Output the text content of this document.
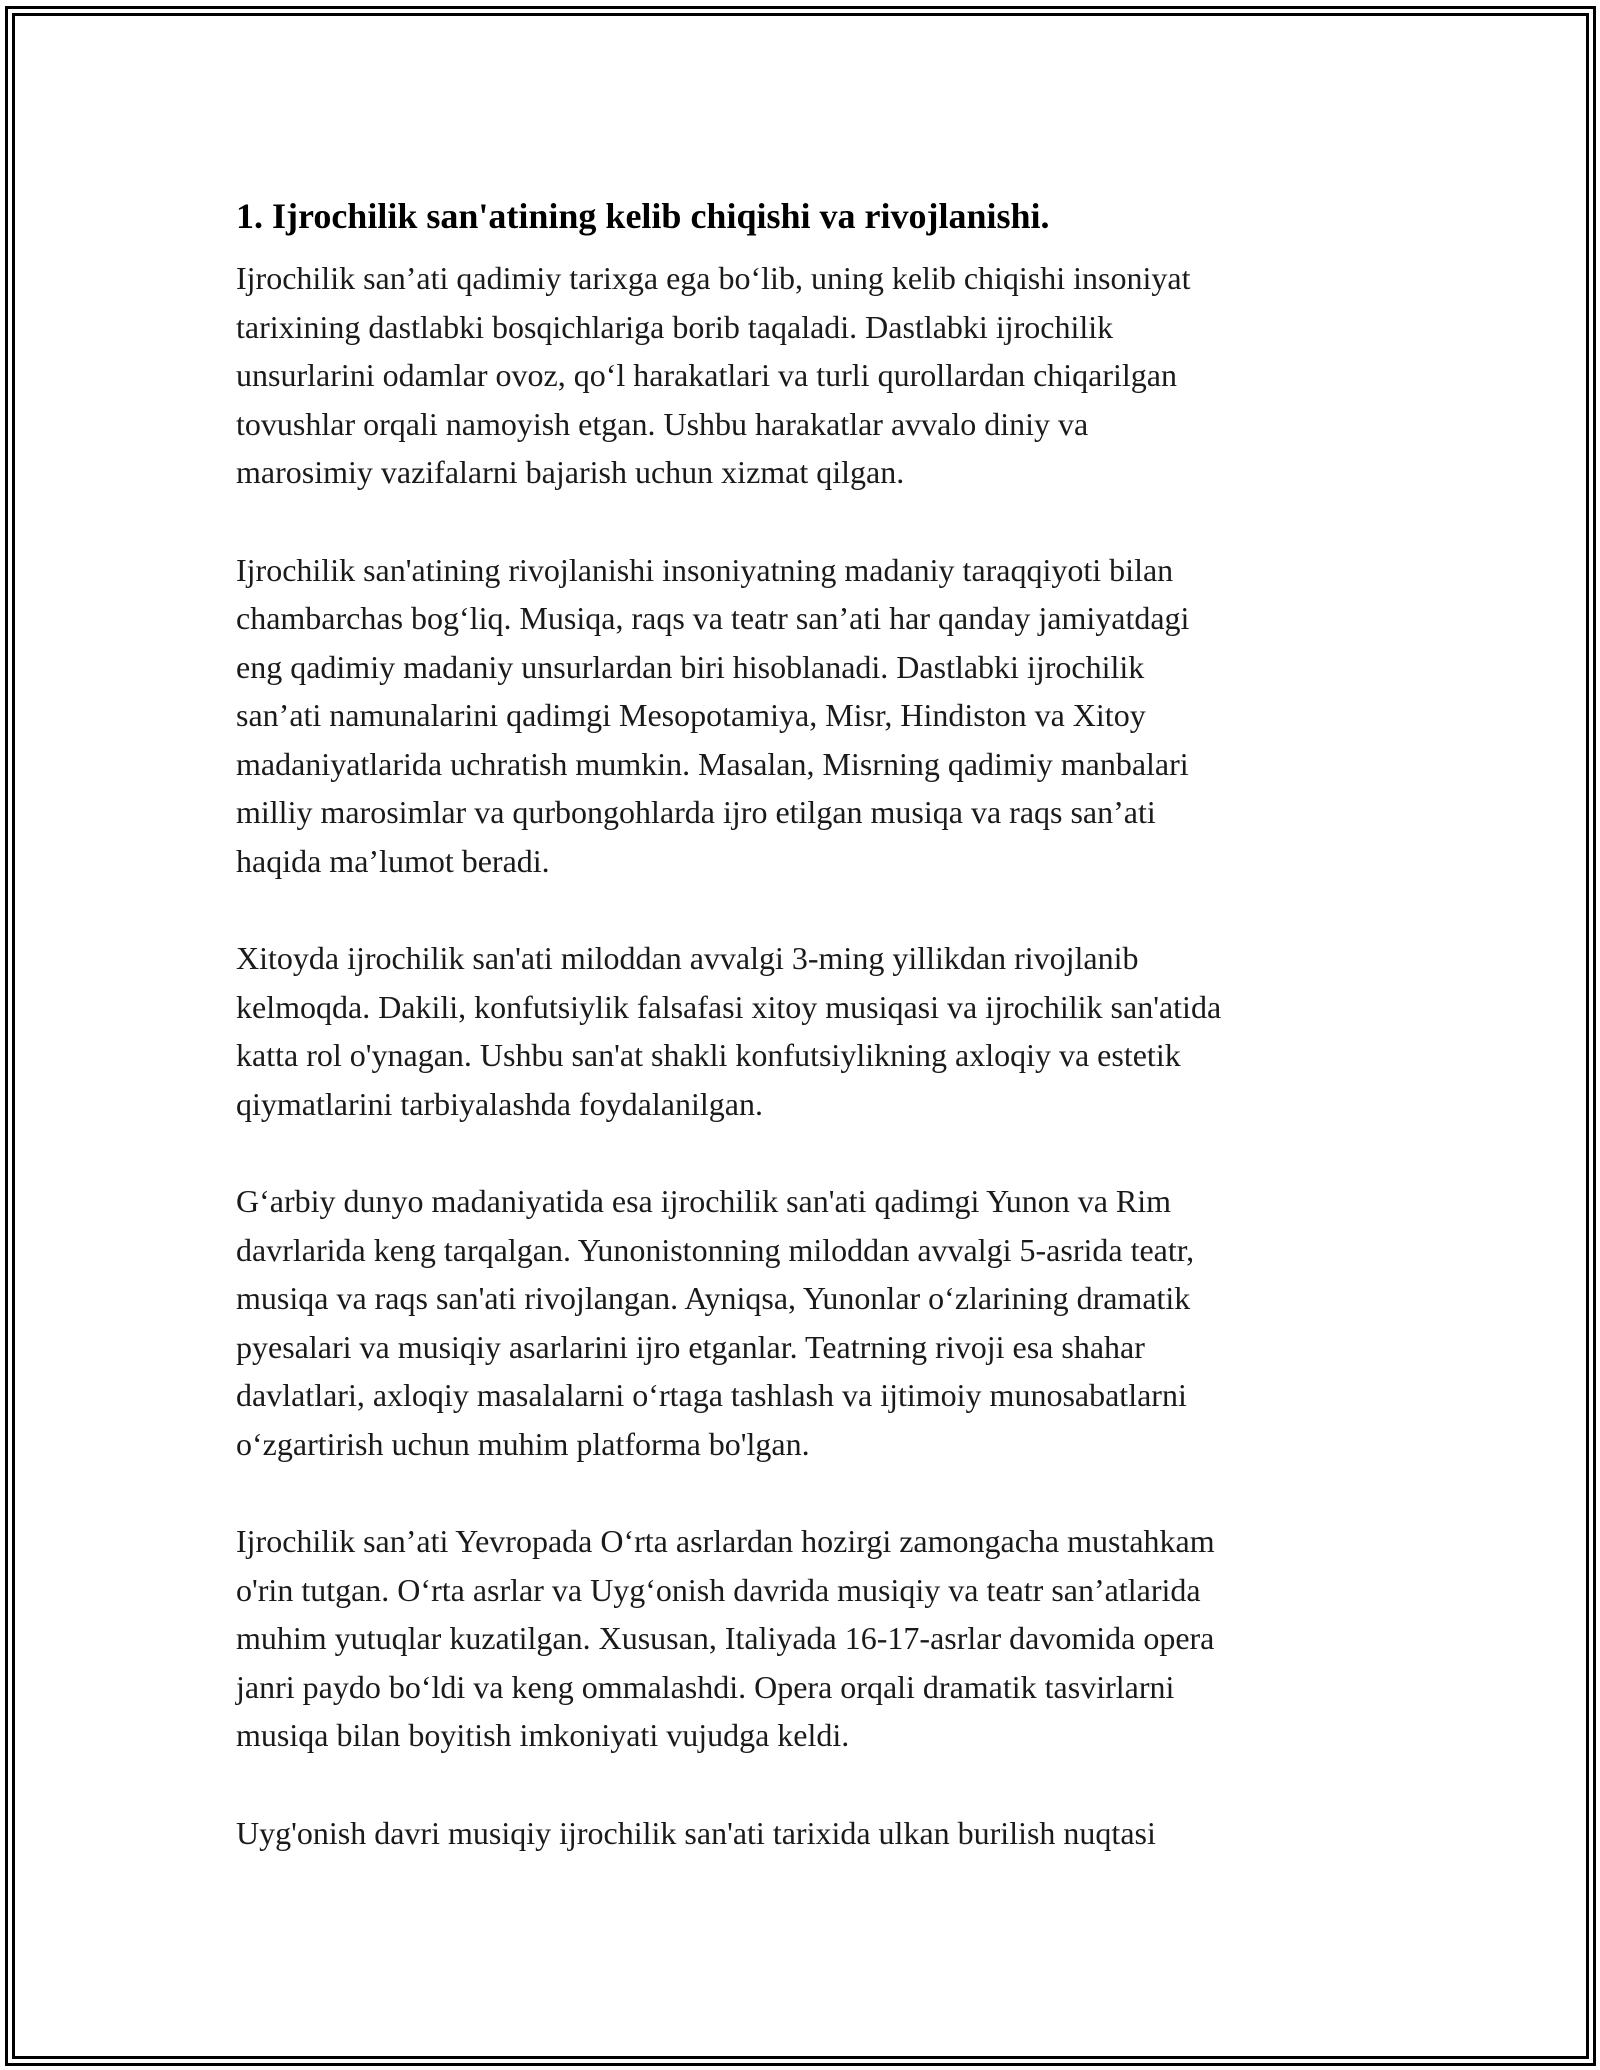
1. Ijrochilik san'atining kelib chiqishi va rivojlanishi.

Ijrochilik san’ati qadimiy tarixga ega bo‘lib, uning kelib chiqishi insoniyat
tarixining dastlabki bosqichlariga borib taqaladi. Dastlabki ijrochilik
unsurlarini odamlar ovoz, qo‘l harakatlari va turli qurollardan chiqarilgan
tovushlar orqali namoyish etgan. Ushbu harakatlar avvalo diniy va
marosimiy vazifalarni bajarish uchun xizmat qilgan.

Ijrochilik san'atining rivojlanishi insoniyatning madaniy taraqqiyoti bilan
chambarchas bog‘liq. Musiqa, raqs va teatr san’ati har qanday jamiyatdagi
eng qadimiy madaniy unsurlardan biri hisoblanadi. Dastlabki ijrochilik
san’ati namunalarini qadimgi Mesopotamiya, Misr, Hindiston va Xitoy
madaniyatlarida uchratish mumkin. Masalan, Misrning qadimiy manbalari
milliy marosimlar va qurbongohlarda ijro etilgan musiqa va raqs san’ati
haqida ma’lumot beradi.

Xitoyda ijrochilik san'ati miloddan avvalgi 3-ming yillikdan rivojlanib
kelmoqda. Dakili, konfutsiylik falsafasi xitoy musiqasi va ijrochilik san'atida
katta rol o'ynagan. Ushbu san'at shakli konfutsiylikning axloqiy va estetik
qiymatlarini tarbiyalashda foydalanilgan.

G‘arbiy dunyo madaniyatida esa ijrochilik san'ati qadimgi Yunon va Rim
davrlarida keng tarqalgan. Yunonistonning miloddan avvalgi 5-asrida teatr,
musiqa va raqs san'ati rivojlangan. Ayniqsa, Yunonlar o‘zlarining dramatik
pyesalari va musiqiy asarlarini ijro etganlar. Teatrning rivoji esa shahar
davlatlari, axloqiy masalalarni o‘rtaga tashlash va ijtimoiy munosabatlarni
o‘zgartirish uchun muhim platforma bo'lgan.

Ijrochilik san’ati Yevropada O‘rta asrlardan hozirgi zamongacha mustahkam
o'rin tutgan. O‘rta asrlar va Uyg‘onish davrida musiqiy va teatr san’atlarida
muhim yutuqlar kuzatilgan. Xususan, Italiyada 16-17-asrlar davomida opera
janri paydo bo‘ldi va keng ommalashdi. Opera orqali dramatik tasvirlarni
musiqa bilan boyitish imkoniyati vujudga keldi.

Uyg'onish davri musiqiy ijrochilik san'ati tarixida ulkan burilish nuqtasi
